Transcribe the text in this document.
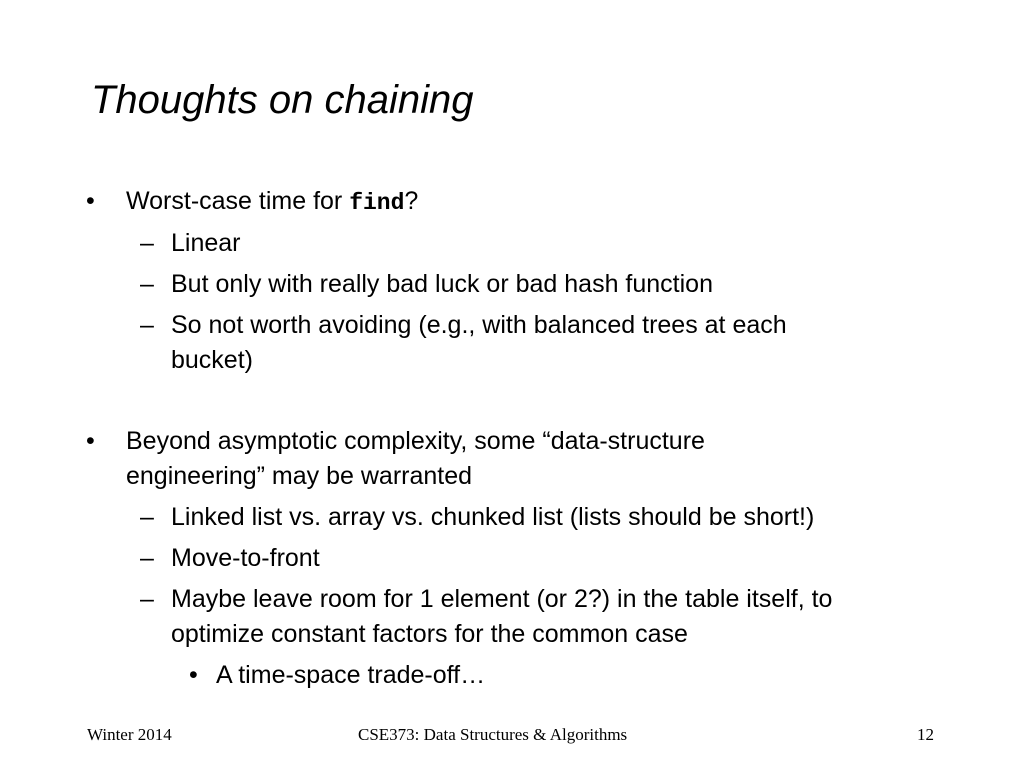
Thoughts on chaining
• Worst-case time for find?
– Linear
– But only with really bad luck or bad hash function
– So not worth avoiding (e.g., with balanced trees at each
bucket)
• Beyond asymptotic complexity, some “data-structure
engineering” may be warranted
– Linked list vs. array vs. chunked list (lists should be short!)
– Move-to-front
– Maybe leave room for 1 element (or 2?) in the table itself, to
optimize constant factors for the common case
• A time-space trade-off…
Winter 2014	CSE373: Data Structures & Algorithms	12
